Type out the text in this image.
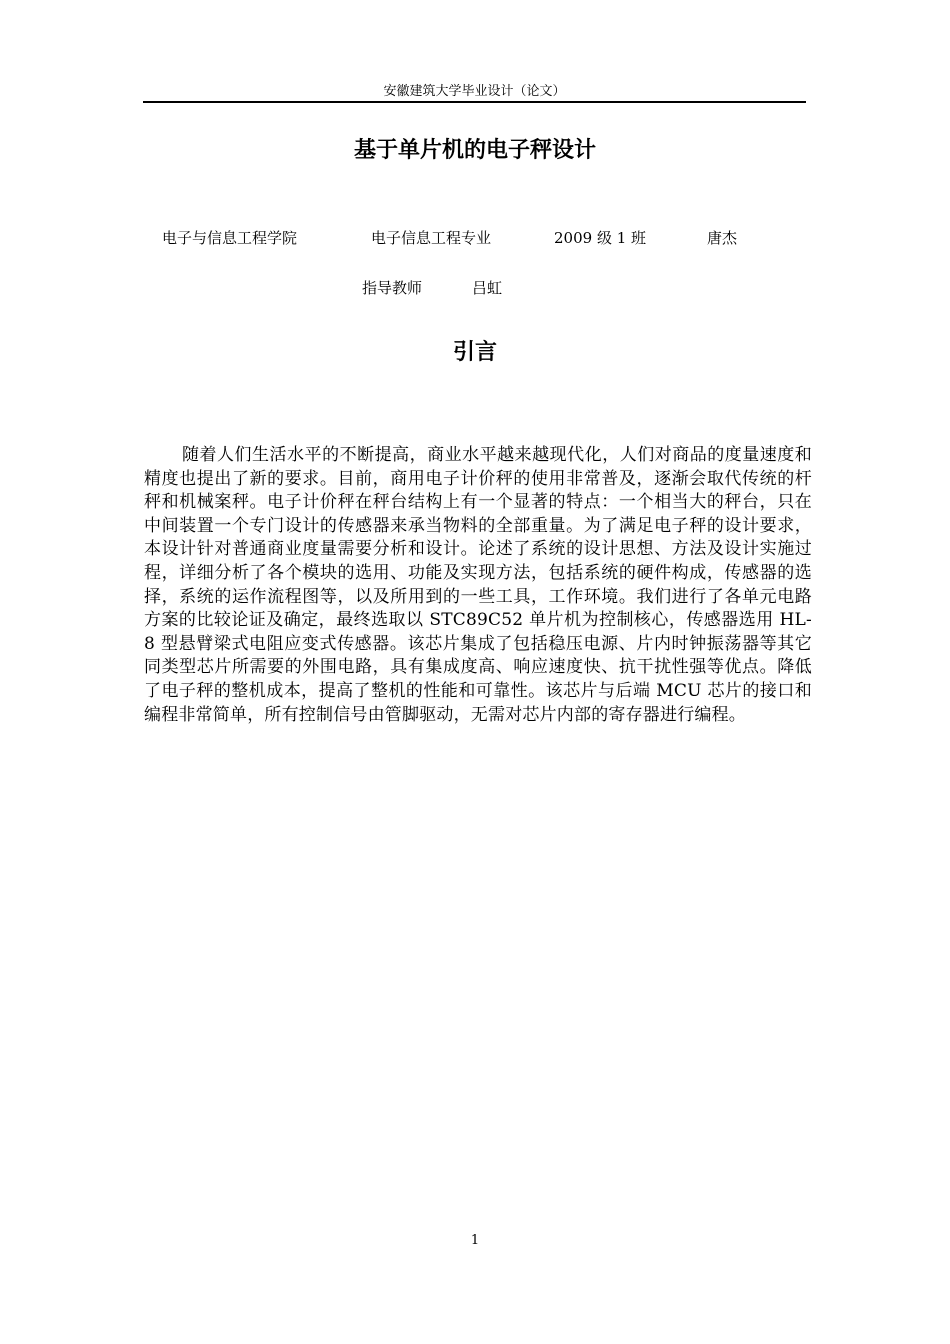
安徽建筑大学毕业设计（论文）
基于单片机的电子秤设计
电子与信息工程学院	电子信息工程专业	2009 级 1 班	唐杰
指导教师	吕虹
引言

随着人们生活水平的不断提高，商业水平越来越现代化，人们对商品的度量速度和精度也提出了新的要求。目前，商用电子计价秤的使用非常普及，逐渐会取代传统的杆秤和机械案秤。电子计价秤在秤台结构上有一个显著的特点：一个相当大的秤台，只在中间装置一个专门设计的传感器来承当物料的全部重量。为了满足电子秤的设计要求，本设计针对普通商业度量需要分析和设计。论述了系统的设计思想、方法及设计实施过程，详细分析了各个模块的选用、功能及实现方法，包括系统的硬件构成，传感器的选择，系统的运作流程图等，以及所用到的一些工具，工作环境。我们进行了各单元电路方案的比较论证及确定，最终选取以 STC89C52 单片机为控制核心，传感器选用 HL-8 型悬臂梁式电阻应变式传感器。该芯片集成了包括稳压电源、片内时钟振荡器等其它同类型芯片所需要的外围电路，具有集成度高、响应速度快、抗干扰性强等优点。降低了电子秤的整机成本，提高了整机的性能和可靠性。该芯片与后端 MCU 芯片的接口和编程非常简单，所有控制信号由管脚驱动，无需对芯片内部的寄存器进行编程。

1
